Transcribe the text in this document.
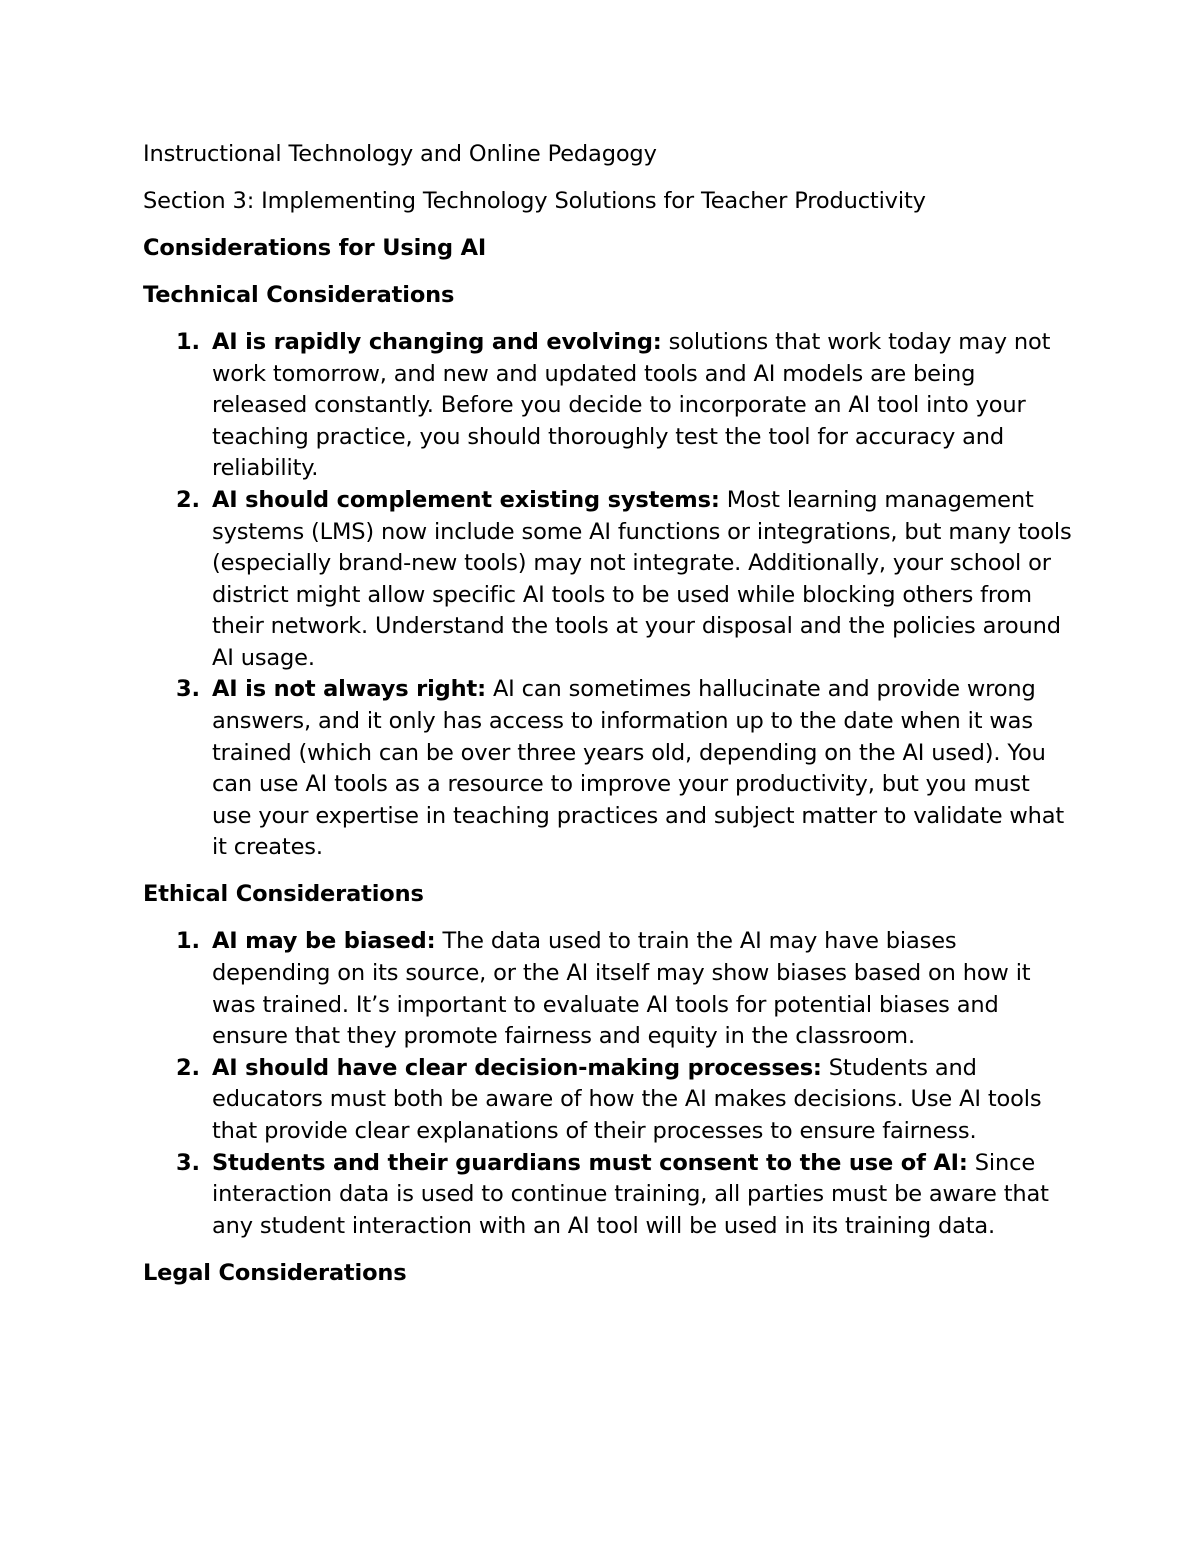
Instructional Technology and Online Pedagogy

Section 3: Implementing Technology Solutions for Teacher Productivity

Considerations for Using AI

Technical Considerations

1. AI is rapidly changing and evolving: solutions that work today may not work tomorrow, and new and updated tools and AI models are being released constantly. Before you decide to incorporate an AI tool into your teaching practice, you should thoroughly test the tool for accuracy and reliability.
2. AI should complement existing systems: Most learning management systems (LMS) now include some AI functions or integrations, but many tools (especially brand-new tools) may not integrate. Additionally, your school or district might allow specific AI tools to be used while blocking others from their network. Understand the tools at your disposal and the policies around AI usage.
3. AI is not always right: AI can sometimes hallucinate and provide wrong answers, and it only has access to information up to the date when it was trained (which can be over three years old, depending on the AI used). You can use AI tools as a resource to improve your productivity, but you must use your expertise in teaching practices and subject matter to validate what it creates.

Ethical Considerations

1. AI may be biased: The data used to train the AI may have biases depending on its source, or the AI itself may show biases based on how it was trained. It’s important to evaluate AI tools for potential biases and ensure that they promote fairness and equity in the classroom.
2. AI should have clear decision-making processes: Students and educators must both be aware of how the AI makes decisions. Use AI tools that provide clear explanations of their processes to ensure fairness.
3. Students and their guardians must consent to the use of AI: Since interaction data is used to continue training, all parties must be aware that any student interaction with an AI tool will be used in its training data.

Legal Considerations
